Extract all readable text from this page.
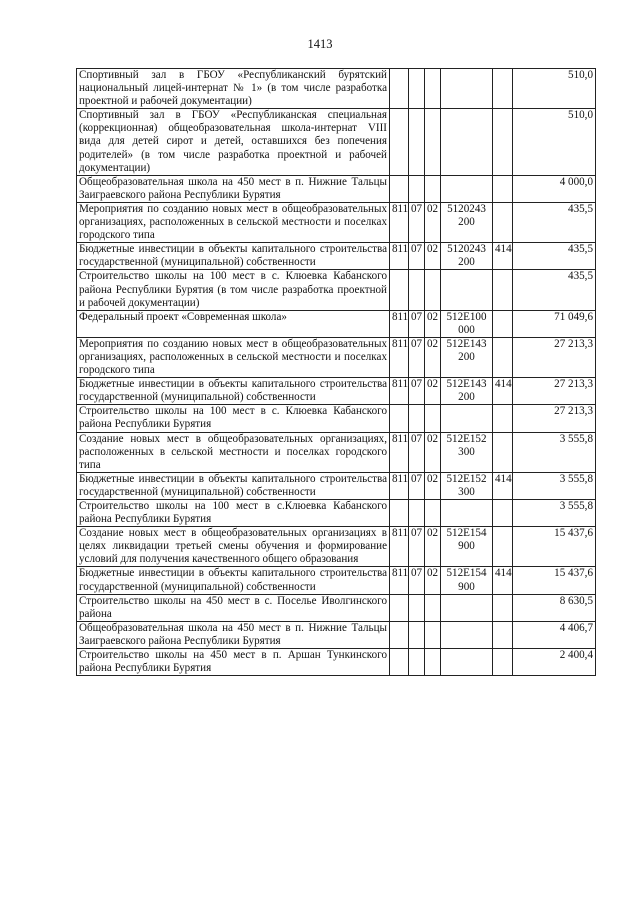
1413
Спортивный зал в ГБОУ «Республиканский бурятский национальный лицей-интернат № 1» (в том числе разработка проектной и рабочей документации)						510,0
Спортивный зал в ГБОУ «Республиканская специальная (коррекционная) общеобразовательная школа-интернат VIII вида для детей сирот и детей, оставшихся без попечения родителей» (в том числе разработка проектной и рабочей документации)						510,0
Общеобразовательная школа на 450 мест в п. Нижние Тальцы Заиграевского района Республики Бурятия						4 000,0
Мероприятия по созданию новых мест в общеобразовательных организациях, расположенных в сельской местности и поселках городского типа	811	07	02	5120243 200		435,5
Бюджетные инвестиции в объекты капитального строительства государственной (муниципальной) собственности	811	07	02	5120243 200	414	435,5
Строительство школы на 100 мест в с. Клюевка Кабанского района Республики Бурятия (в том числе разработка проектной и рабочей документации)						435,5
Федеральный проект «Современная школа»	811	07	02	512E100 000		71 049,6
Мероприятия по созданию новых мест в общеобразовательных организациях, расположенных в сельской местности и поселках городского типа	811	07	02	512E143 200		27 213,3
Бюджетные инвестиции в объекты капитального строительства государственной (муниципальной) собственности	811	07	02	512E143 200	414	27 213,3
Строительство школы на 100 мест в с. Клюевка Кабанского района Республики Бурятия						27 213,3
Создание новых мест в общеобразовательных организациях, расположенных в сельской местности и поселках городского типа	811	07	02	512E152 300		3 555,8
Бюджетные инвестиции в объекты капитального строительства государственной (муниципальной) собственности	811	07	02	512E152 300	414	3 555,8
Строительство школы на 100 мест в с.Клюевка Кабанского района Республики Бурятия						3 555,8
Создание новых мест в общеобразовательных организациях в целях ликвидации третьей смены обучения и формирование условий для получения качественного общего образования	811	07	02	512E154 900		15 437,6
Бюджетные инвестиции в объекты капитального строительства государственной (муниципальной) собственности	811	07	02	512E154 900	414	15 437,6
Строительство школы на 450 мест в с. Поселье Иволгинского района						8 630,5
Общеобразовательная школа на 450 мест в п. Нижние Тальцы Заиграевского района Республики Бурятия						4 406,7
Строительство школы на 450 мест в п. Аршан Тункинского района Республики Бурятия						2 400,4
